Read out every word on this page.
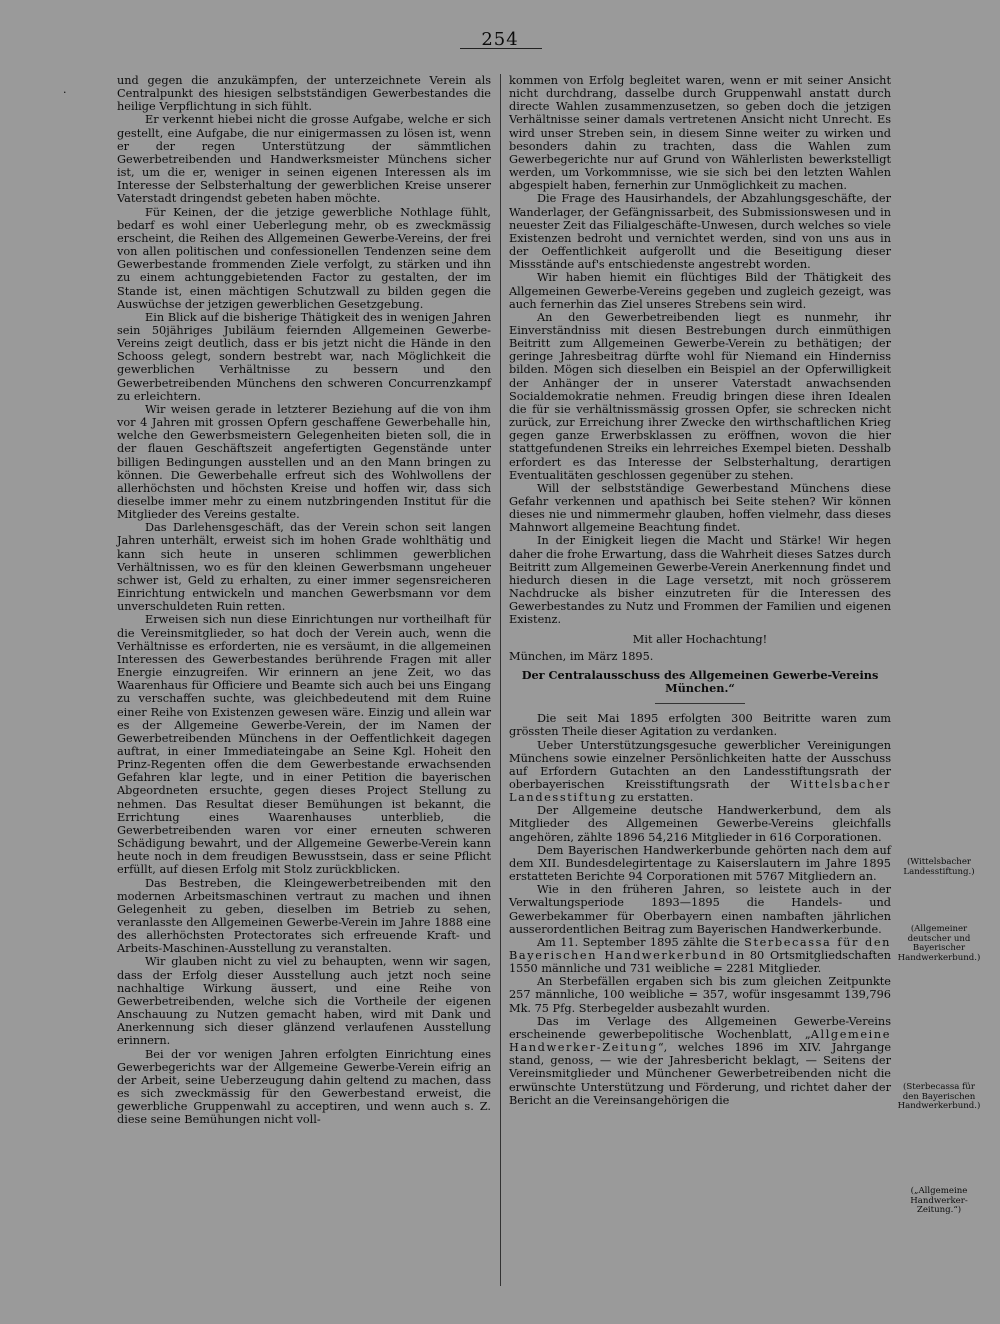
254
·

und gegen die anzukämpfen, der unterzeichnete Verein als Centralpunkt des hiesigen selbstständigen Gewerbestandes die heilige Verpflichtung in sich fühlt.

Er verkennt hiebei nicht die grosse Aufgabe, welche er sich gestellt, eine Aufgabe, die nur einigermassen zu lösen ist, wenn er der regen Unterstützung der sämmtlichen Gewerbetreibenden und Handwerksmeister Münchens sicher ist, um die er, weniger in seinen eigenen Interessen als im Interesse der Selbsterhaltung der gewerblichen Kreise unserer Vaterstadt dringendst gebeten haben möchte.

Für Keinen, der die jetzige gewerbliche Nothlage fühlt, bedarf es wohl einer Ueberlegung mehr, ob es zweckmässig erscheint, die Reihen des Allgemeinen Gewerbe-Vereins, der frei von allen politischen und confessionellen Tendenzen seine dem Gewerbestande frommenden Ziele verfolgt, zu stärken und ihn zu einem achtunggebietenden Factor zu gestalten, der im Stande ist, einen mächtigen Schutzwall zu bilden gegen die Auswüchse der jetzigen gewerblichen Gesetzgebung.

Ein Blick auf die bisherige Thätigkeit des in wenigen Jahren sein 50jähriges Jubiläum feiernden Allgemeinen Gewerbe-Vereins zeigt deutlich, dass er bis jetzt nicht die Hände in den Schooss gelegt, sondern bestrebt war, nach Möglichkeit die gewerblichen Verhältnisse zu bessern und den Gewerbetreibenden Münchens den schweren Concurrenzkampf zu erleichtern.

Wir weisen gerade in letzterer Beziehung auf die von ihm vor 4 Jahren mit grossen Opfern geschaffene Gewerbehalle hin, welche den Gewerbsmeistern Gelegenheiten bieten soll, die in der flauen Geschäftszeit angefertigten Gegenstände unter billigen Bedingungen ausstellen und an den Mann bringen zu können. Die Gewerbehalle erfreut sich des Wohlwollens der allerhöchsten und höchsten Kreise und hoffen wir, dass sich dieselbe immer mehr zu einem nutzbringenden Institut für die Mitglieder des Vereins gestalte.

Das Darlehensgeschäft, das der Verein schon seit langen Jahren unterhält, erweist sich im hohen Grade wohlthätig und kann sich heute in unseren schlimmen gewerblichen Verhältnissen, wo es für den kleinen Gewerbsmann ungeheuer schwer ist, Geld zu erhalten, zu einer immer segensreicheren Einrichtung entwickeln und manchen Gewerbsmann vor dem unverschuldeten Ruin retten.

Erweisen sich nun diese Einrichtungen nur vortheilhaft für die Vereinsmitglieder, so hat doch der Verein auch, wenn die Verhältnisse es erforderten, nie es versäumt, in die allgemeinen Interessen des Gewerbestandes berührende Fragen mit aller Energie einzugreifen. Wir erinnern an jene Zeit, wo das Waarenhaus für Officiere und Beamte sich auch bei uns Eingang zu verschaffen suchte, was gleichbedeutend mit dem Ruine einer Reihe von Existenzen gewesen wäre. Einzig und allein war es der Allgemeine Gewerbe-Verein, der im Namen der Gewerbetreibenden Münchens in der Oeffentlichkeit dagegen auftrat, in einer Immediateingabe an Seine Kgl. Hoheit den Prinz-Regenten offen die dem Gewerbestande erwachsenden Gefahren klar legte, und in einer Petition die bayerischen Abgeordneten ersuchte, gegen dieses Project Stellung zu nehmen. Das Resultat dieser Bemühungen ist bekannt, die Errichtung eines Waarenhauses unterblieb, die Gewerbetreibenden waren vor einer erneuten schweren Schädigung bewahrt, und der Allgemeine Gewerbe-Verein kann heute noch in dem freudigen Bewusstsein, dass er seine Pflicht erfüllt, auf diesen Erfolg mit Stolz zurückblicken.

Das Bestreben, die Kleingewerbetreibenden mit den modernen Arbeitsmaschinen vertraut zu machen und ihnen Gelegenheit zu geben, dieselben im Betrieb zu sehen, veranlasste den Allgemeinen Gewerbe-Verein im Jahre 1888 eine des allerhöchsten Protectorates sich erfreuende Kraft- und Arbeits-Maschinen-Ausstellung zu veranstalten.

Wir glauben nicht zu viel zu behaupten, wenn wir sagen, dass der Erfolg dieser Ausstellung auch jetzt noch seine nachhaltige Wirkung äussert, und eine Reihe von Gewerbetreibenden, welche sich die Vortheile der eigenen Anschauung zu Nutzen gemacht haben, wird mit Dank und Anerkennung sich dieser glänzend verlaufenen Ausstellung erinnern.

Bei der vor wenigen Jahren erfolgten Einrichtung eines Gewerbegerichts war der Allgemeine Gewerbe-Verein eifrig an der Arbeit, seine Ueberzeugung dahin geltend zu machen, dass es sich zweckmässig für den Gewerbestand erweist, die gewerbliche Gruppenwahl zu acceptiren, und wenn auch s. Z. diese seine Bemühungen nicht voll-

kommen von Erfolg begleitet waren, wenn er mit seiner Ansicht nicht durchdrang, dasselbe durch Gruppenwahl anstatt durch directe Wahlen zusammenzusetzen, so geben doch die jetzigen Verhältnisse seiner damals vertretenen Ansicht nicht Unrecht. Es wird unser Streben sein, in diesem Sinne weiter zu wirken und besonders dahin zu trachten, dass die Wahlen zum Gewerbegerichte nur auf Grund von Wählerlisten bewerkstelligt werden, um Vorkommnisse, wie sie sich bei den letzten Wahlen abgespielt haben, fernerhin zur Unmöglichkeit zu machen.

Die Frage des Hausirhandels, der Abzahlungsgeschäfte, der Wanderlager, der Gefängnissarbeit, des Submissionswesen und in neuester Zeit das Filialgeschäfte-Unwesen, durch welches so viele Existenzen bedroht und vernichtet werden, sind von uns aus in der Oeffentlichkeit aufgerollt und die Beseitigung dieser Missstände auf's entschiedenste angestrebt worden.

Wir haben hiemit ein flüchtiges Bild der Thätigkeit des Allgemeinen Gewerbe-Vereins gegeben und zugleich gezeigt, was auch fernerhin das Ziel unseres Strebens sein wird.

An den Gewerbetreibenden liegt es nunmehr, ihr Einverständniss mit diesen Bestrebungen durch einmüthigen Beitritt zum Allgemeinen Gewerbe-Verein zu bethätigen; der geringe Jahresbeitrag dürfte wohl für Niemand ein Hinderniss bilden. Mögen sich dieselben ein Beispiel an der Opferwilligkeit der Anhänger der in unserer Vaterstadt anwachsenden Socialdemokratie nehmen. Freudig bringen diese ihren Idealen die für sie verhältnissmässig grossen Opfer, sie schrecken nicht zurück, zur Erreichung ihrer Zwecke den wirthschaftlichen Krieg gegen ganze Erwerbsklassen zu eröffnen, wovon die hier stattgefundenen Streiks ein lehrreiches Exempel bieten. Desshalb erfordert es das Interesse der Selbsterhaltung, derartigen Eventualitäten geschlossen gegenüber zu stehen.

Will der selbstständige Gewerbestand Münchens diese Gefahr verkennen und apathisch bei Seite stehen? Wir können dieses nie und nimmermehr glauben, hoffen vielmehr, dass dieses Mahnwort allgemeine Beachtung findet.

In der Einigkeit liegen die Macht und Stärke! Wir hegen daher die frohe Erwartung, dass die Wahrheit dieses Satzes durch Beitritt zum Allgemeinen Gewerbe-Verein Anerkennung findet und hiedurch diesen in die Lage versetzt, mit noch grösserem Nachdrucke als bisher einzutreten für die Interessen des Gewerbestandes zu Nutz und Frommen der Familien und eigenen Existenz.

Mit aller Hochachtung!

München, im März 1895.

Der Centralausschuss des Allgemeinen Gewerbe-Vereins München.“

Die seit Mai 1895 erfolgten 300 Beitritte waren zum grössten Theile dieser Agitation zu verdanken.

Ueber Unterstützungsgesuche gewerblicher Vereinigungen Münchens sowie einzelner Persönlichkeiten hatte der Ausschuss auf Erfordern Gutachten an den Landesstiftungsrath der oberbayerischen Kreisstiftungsrath der Wittelsbacher Landesstiftung zu erstatten.

Der Allgemeine deutsche Handwerkerbund, dem als Mitglieder des Allgemeinen Gewerbe-Vereins gleichfalls angehören, zählte 1896 54,216 Mitglieder in 616 Corporationen.

Dem Bayerischen Handwerkerbunde gehörten nach dem auf dem XII. Bundesdelegirtentage zu Kaiserslautern im Jahre 1895 erstatteten Berichte 94 Corporationen mit 5767 Mitgliedern an.

Wie in den früheren Jahren, so leistete auch in der Verwaltungsperiode 1893—1895 die Handels- und Gewerbekammer für Oberbayern einen nambaften jährlichen ausserordentlichen Beitrag zum Bayerischen Handwerkerbunde.

Am 11. September 1895 zählte die Sterbecassa für den Bayerischen Handwerkerbund in 80 Ortsmitgliedschaften 1550 männliche und 731 weibliche = 2281 Mitglieder.

An Sterbefällen ergaben sich bis zum gleichen Zeitpunkte 257 männliche, 100 weibliche = 357, wofür insgesammt 139,796 Mk. 75 Pfg. Sterbegelder ausbezahlt wurden.

Das im Verlage des Allgemeinen Gewerbe-Vereins erscheinende gewerbepolitische Wochenblatt, „Allgemeine Handwerker-Zeitung“, welches 1896 im XIV. Jahrgange stand, genoss, — wie der Jahresbericht beklagt, — Seitens der Vereinsmitglieder und Münchener Gewerbetreibenden nicht die erwünschte Unterstützung und Förderung, und richtet daher der Bericht an die Vereinsangehörigen die

(Wittelsbacher Landesstiftung.)
(Allgemeiner deutscher und Bayerischer Handwerkerbund.)
(Sterbecassa für den Bayerischen Handwerkerbund.)
(„Allgemeine Handwerker-Zeitung.“)
